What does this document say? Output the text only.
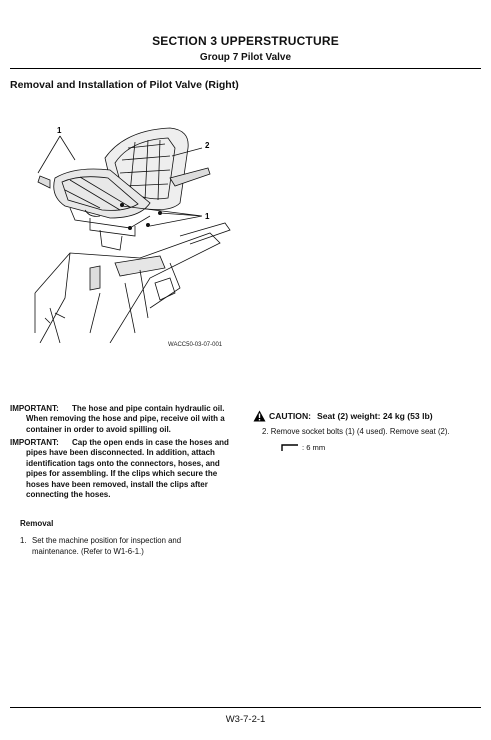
SECTION 3 UPPERSTRUCTURE
Group 7 Pilot Valve
Removal and Installation of Pilot Valve (Right)
1
2
1
WACC50-03-07-001
IMPORTANT:	The hose and pipe contain hydraulic oil. When removing the hose and pipe, receive oil with a container in order to avoid spilling oil.
IMPORTANT:	Cap the open ends in case the hoses and pipes have been disconnected. In addition, attach identification tags onto the connectors, hoses, and pipes for assembling. If the clips which secure the hoses have been removed, install the clips after connecting the hoses.
Removal
1. Set the machine position for inspection and maintenance. (Refer to W1-6-1.)
CAUTION: Seat (2) weight: 24 kg (53 lb)
2. Remove socket bolts (1) (4 used). Remove seat (2).
: 6 mm
W3-7-2-1
